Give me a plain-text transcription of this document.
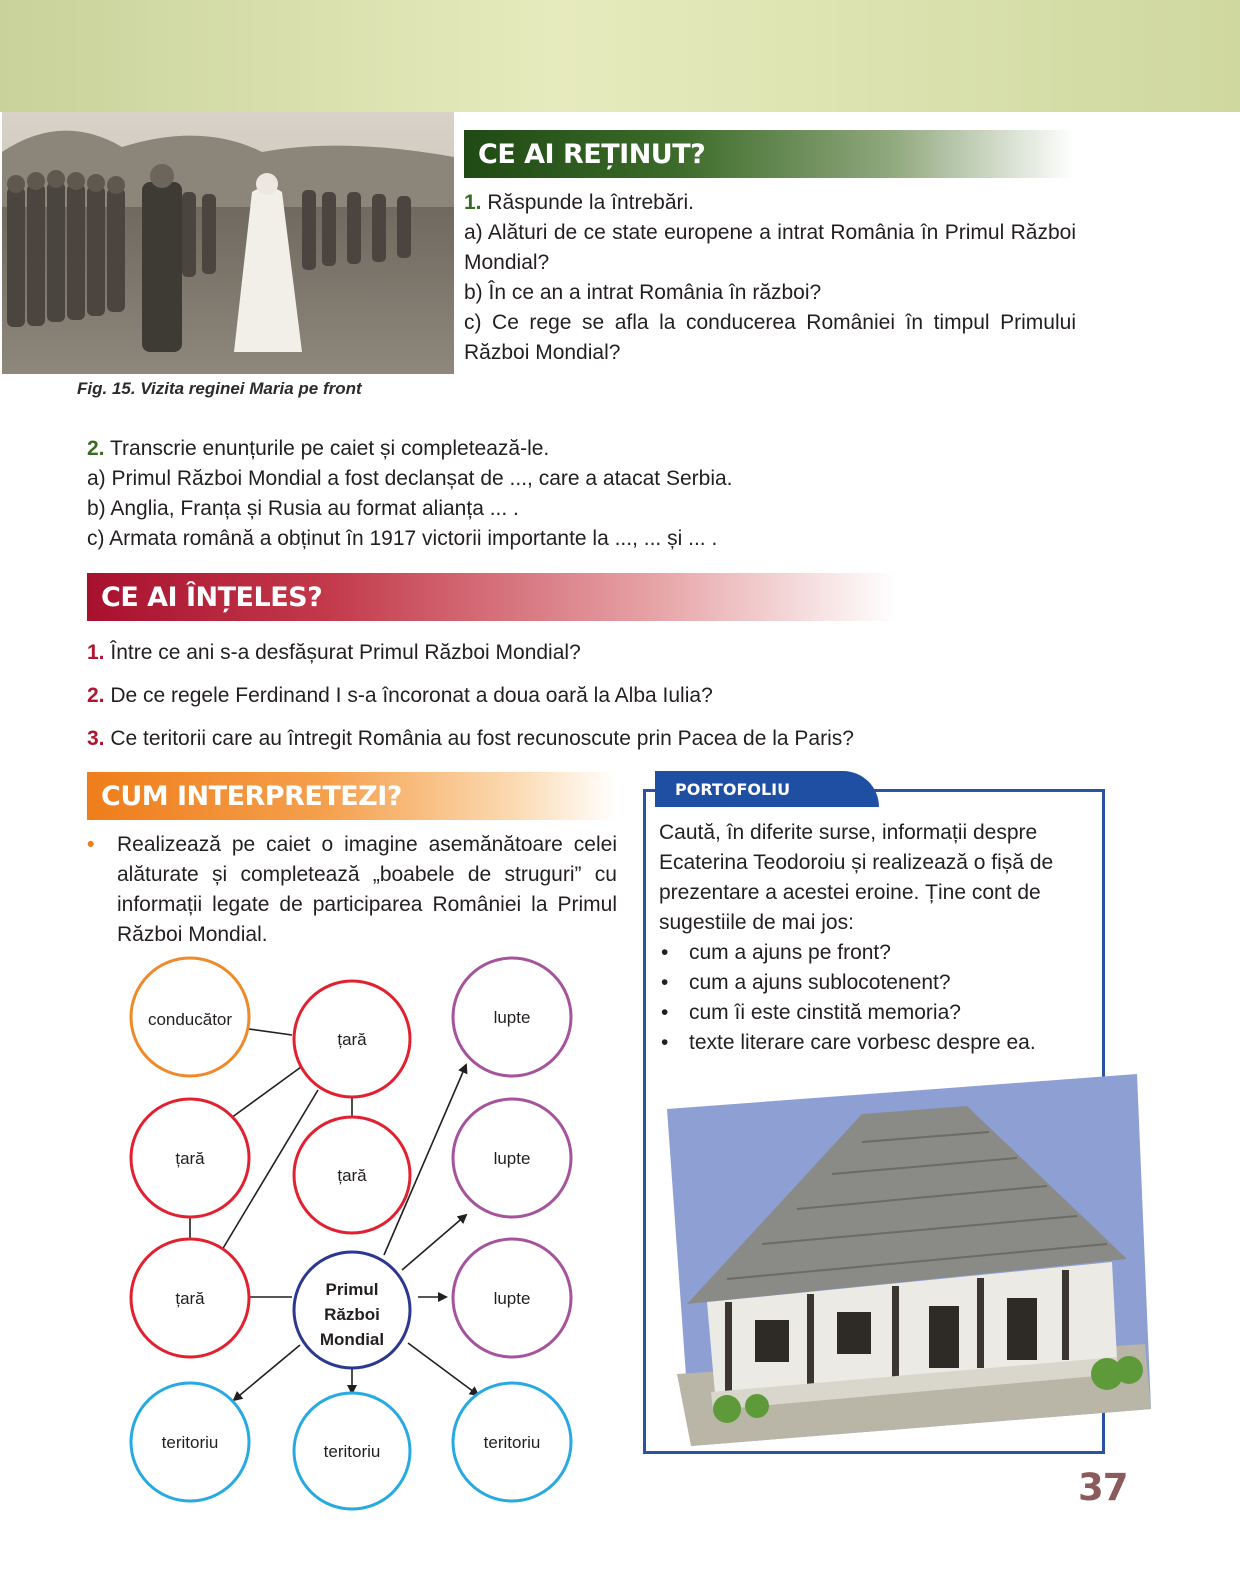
Fig. 15. Vizita reginei Maria pe front
CE AI REȚINUT?
1. Răspunde la întrebări.
a) Alături de ce state europene a intrat România în Primul Război Mondial?
b) În ce an a intrat România în război?
c) Ce rege se afla la conducerea României în timpul Primului Război Mondial?
2. Transcrie enunțurile pe caiet și completează-le.
a) Primul Război Mondial a fost declanșat de ..., care a atacat Serbia.
b) Anglia, Franța și Rusia au format alianța ... .
c) Armata română a obținut în 1917 victorii importante la ..., ... și ... .
CE AI ÎNȚELES?
1. Între ce ani s-a desfășurat Primul Război Mondial?
2. De ce regele Ferdinand I s-a încoronat a doua oară la Alba Iulia?
3. Ce teritorii care au întregit România au fost recunoscute prin Pacea de la Paris?
CUM INTERPRETEZI?
• Realizează pe caiet o imagine asemănătoare celei alăturate și completează „boabele de struguri” cu informații legate de participarea României la Primul Război Mondial.
conducător
țară
lupte
țară
țară
lupte
țară	Primul
Război
Mondial
lupte
teritoriu	teritoriu	teritoriu
PORTOFOLIU
Caută, în diferite surse, informații despre Ecaterina Teodoroiu și realizează o fișă de prezentare a acestei eroine. Ține cont de sugestiile de mai jos:
• cum a ajuns pe front?
• cum a ajuns sublocotenent?
• cum îi este cinstită memoria?
• texte literare care vorbesc despre ea.
37
